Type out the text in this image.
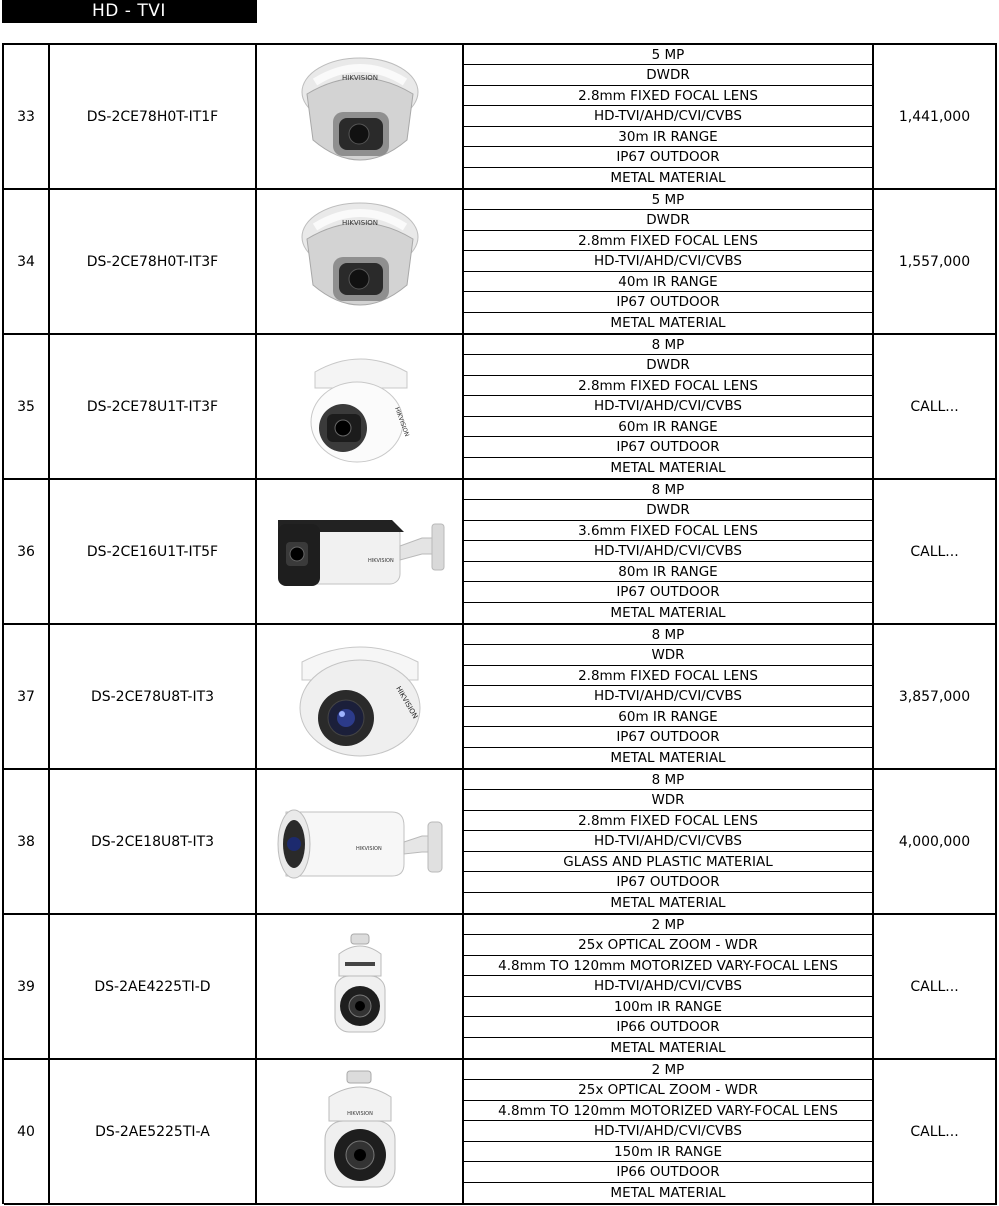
HD - TVI
33	DS-2CE78H0T-IT1F
HIKVISION
5 MP
DWDR
2.8mm FIXED FOCAL LENS
HD-TVI/AHD/CVI/CVBS
30m IR RANGE
IP67 OUTDOOR
METAL MATERIAL
1,441,000
34	DS-2CE78H0T-IT3F
HIKVISION
5 MP
DWDR
2.8mm FIXED FOCAL LENS
HD-TVI/AHD/CVI/CVBS
40m IR RANGE
IP67 OUTDOOR
METAL MATERIAL
1,557,000
35	DS-2CE78U1T-IT3F	HIKVISION
8 MP
DWDR
2.8mm FIXED FOCAL LENS
HD-TVI/AHD/CVI/CVBS
60m IR RANGE
IP67 OUTDOOR
METAL MATERIAL
CALL...
36	DS-2CE16U1T-IT5F
HIKVISION
8 MP
DWDR
3.6mm FIXED FOCAL LENS
HD-TVI/AHD/CVI/CVBS
80m IR RANGE
IP67 OUTDOOR
METAL MATERIAL
CALL...
37	DS-2CE78U8T-IT3	HIKVISION
8 MP
WDR
2.8mm FIXED FOCAL LENS
HD-TVI/AHD/CVI/CVBS
60m IR RANGE
IP67 OUTDOOR
METAL MATERIAL
3,857,000
38	DS-2CE18U8T-IT3	HIKVISION
8 MP
WDR
2.8mm FIXED FOCAL LENS
HD-TVI/AHD/CVI/CVBS
GLASS AND PLASTIC MATERIAL
IP67 OUTDOOR
METAL MATERIAL
4,000,000
39	DS-2AE4225TI-D
2 MP
25x OPTICAL ZOOM - WDR
4.8mm TO 120mm MOTORIZED VARY-FOCAL LENS
HD-TVI/AHD/CVI/CVBS
100m IR RANGE
IP66 OUTDOOR
METAL MATERIAL
CALL...
40	DS-2AE5225TI-A
HIKVISION
2 MP
25x OPTICAL ZOOM - WDR
4.8mm TO 120mm MOTORIZED VARY-FOCAL LENS
HD-TVI/AHD/CVI/CVBS
150m IR RANGE
IP66 OUTDOOR
METAL MATERIAL
CALL...
